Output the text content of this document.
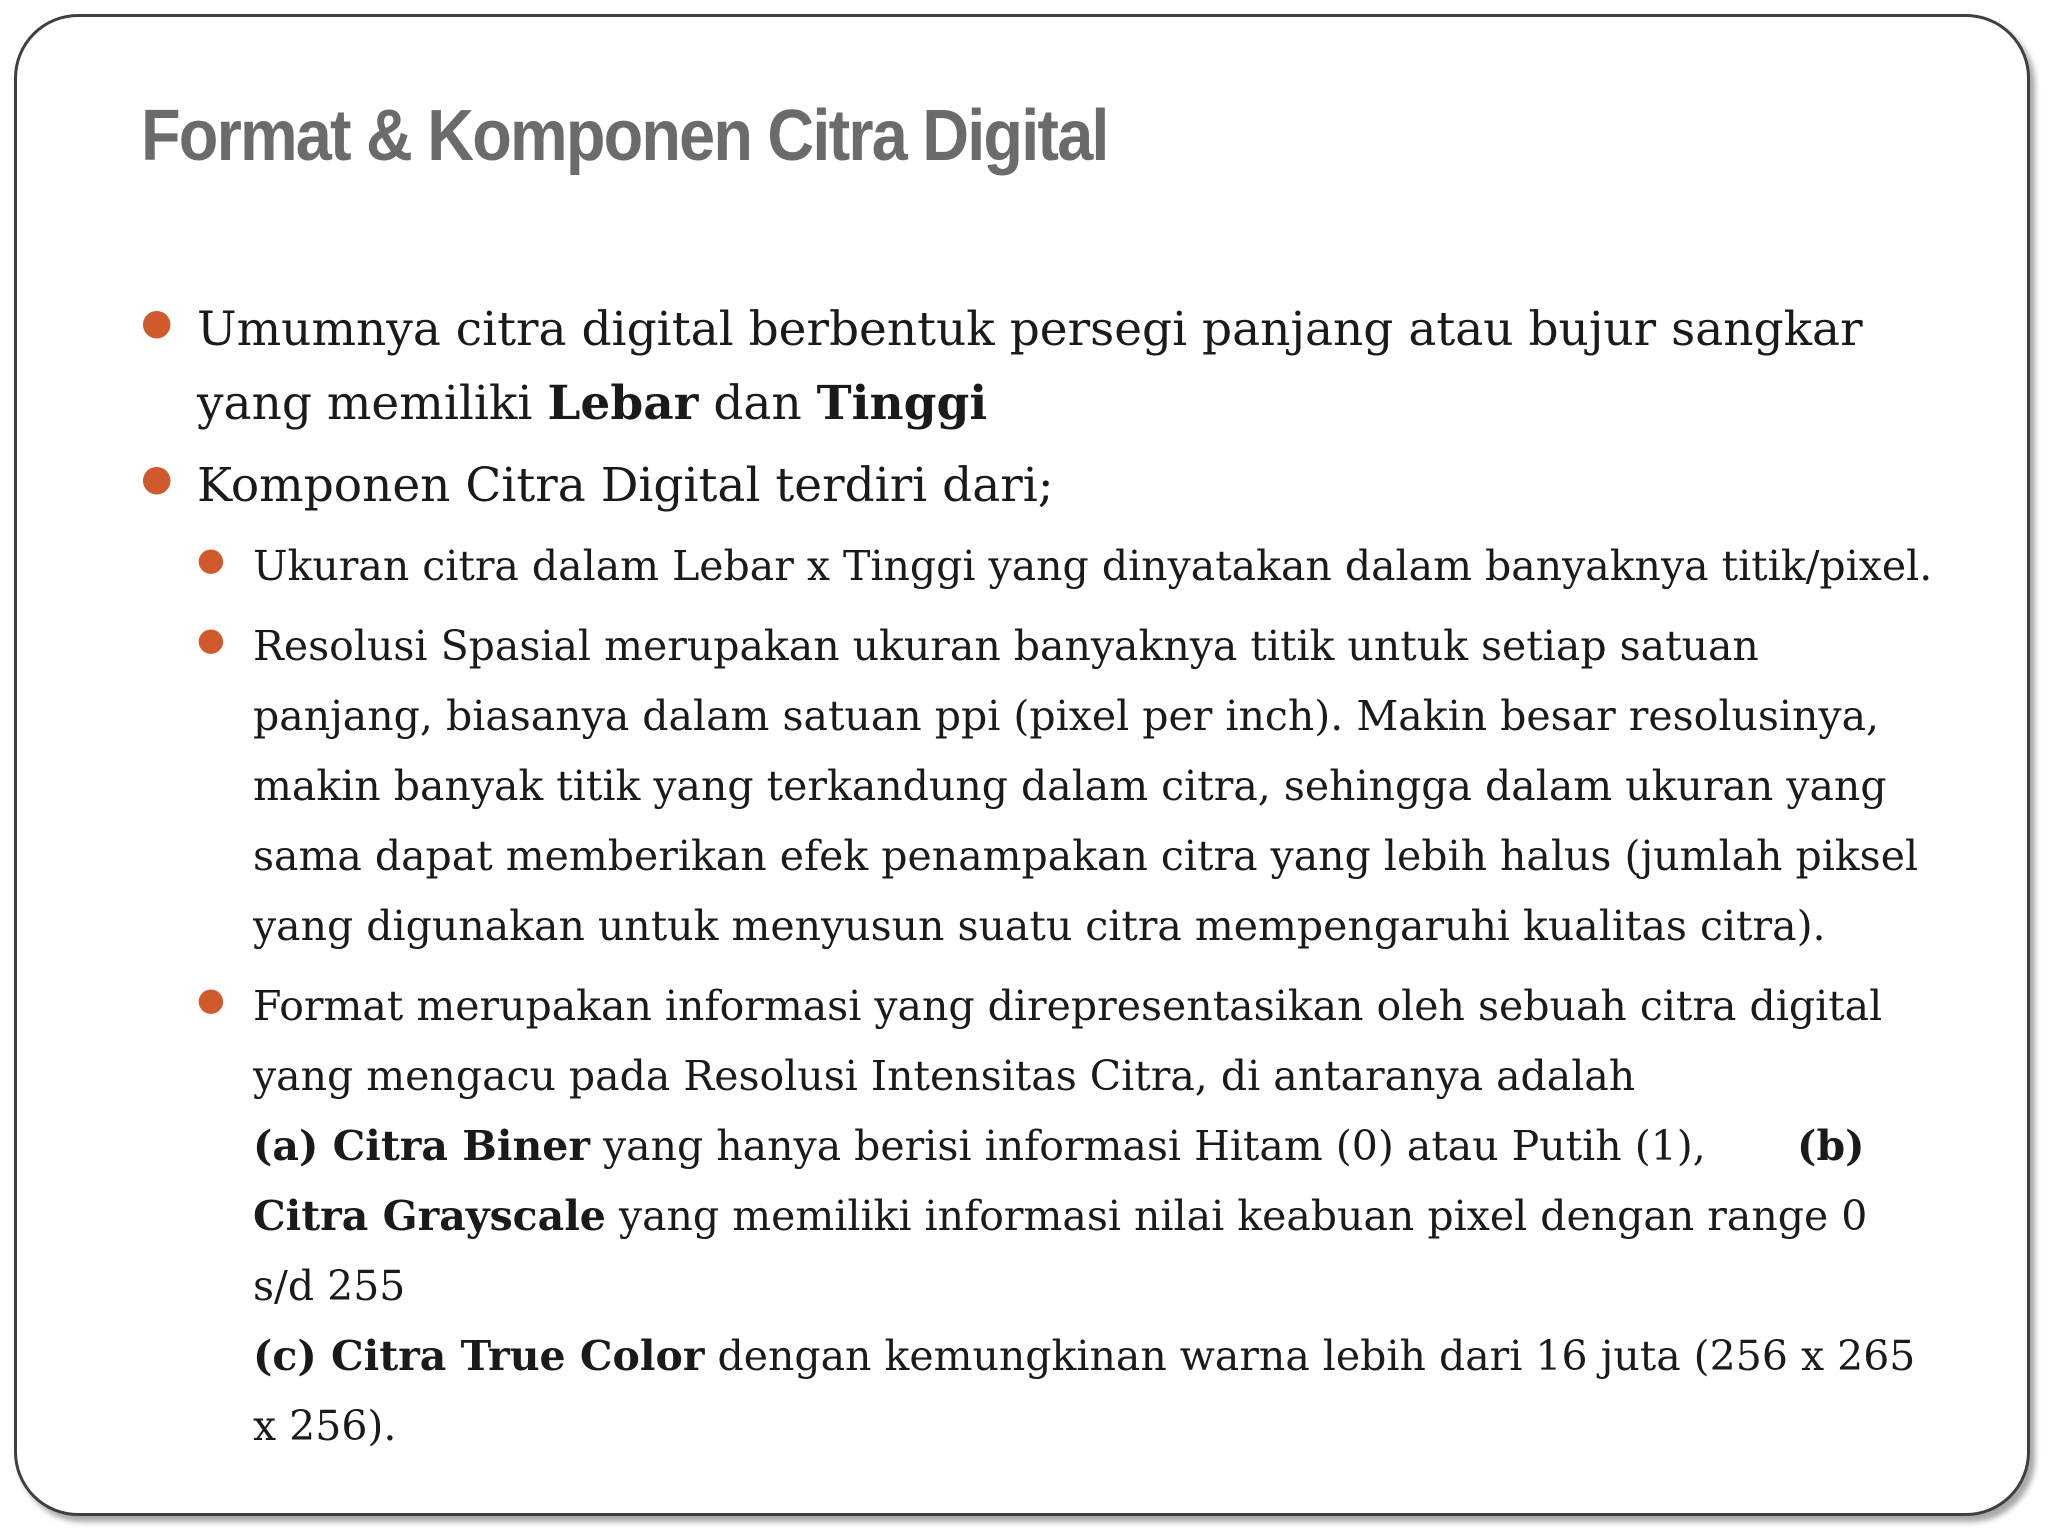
Format & Komponen Citra Digital
● Umumnya citra digital berbentuk persegi panjang atau bujur sangkar yang memiliki Lebar dan Tinggi
● Komponen Citra Digital terdiri dari;
● Ukuran citra dalam Lebar x Tinggi yang dinyatakan dalam banyaknya titik/pixel.
● Resolusi Spasial merupakan ukuran banyaknya titik untuk setiap satuan panjang, biasanya dalam satuan ppi (pixel per inch). Makin besar resolusinya, makin banyak titik yang terkandung dalam citra, sehingga dalam ukuran yang sama dapat memberikan efek penampakan citra yang lebih halus (jumlah piksel yang digunakan untuk menyusun suatu citra mempengaruhi kualitas citra).
● Format merupakan informasi yang direpresentasikan oleh sebuah citra digital yang mengacu pada Resolusi Intensitas Citra, di antaranya adalah
(a) Citra Biner yang hanya berisi informasi Hitam (0) atau Putih (1), (b) Citra Grayscale yang memiliki informasi nilai keabuan pixel dengan range 0 s/d 255
(c) Citra True Color dengan kemungkinan warna lebih dari 16 juta (256 x 265 x 256).
